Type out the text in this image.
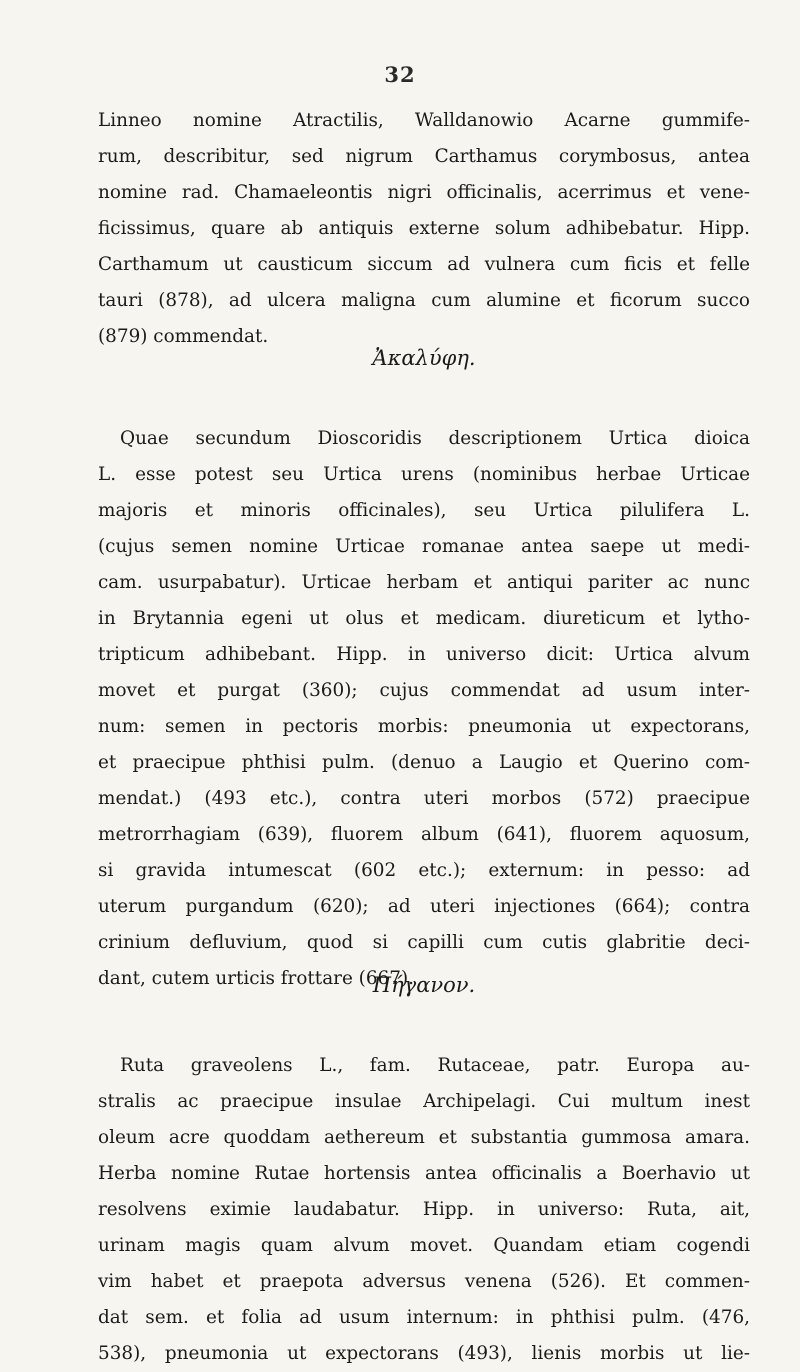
32
Linneo nomine Atractilis, Walldanowio Acarne gummife-
rum, describitur, sed nigrum Carthamus corymbosus, antea
nomine rad. Chamaeleontis nigri officinalis, acerrimus et vene-
ficissimus, quare ab antiquis externe solum adhibebatur. Hipp.
Carthamum ut causticum siccum ad vulnera cum ficis et felle
tauri (878), ad ulcera maligna cum alumine et ficorum succo
(879) commendat.
Ἀκαλύφη.
Quae secundum Dioscoridis descriptionem Urtica dioica
L. esse potest seu Urtica urens (nominibus herbae Urticae
majoris et minoris officinales), seu Urtica pilulifera L.
(cujus semen nomine Urticae romanae antea saepe ut medi-
cam. usurpabatur). Urticae herbam et antiqui pariter ac nunc
in Brytannia egeni ut olus et medicam. diureticum et lytho-
tripticum adhibebant. Hipp. in universo dicit: Urtica alvum
movet et purgat (360); cujus commendat ad usum inter-
num: semen in pectoris morbis: pneumonia ut expectorans,
et praecipue phthisi pulm. (denuo a Laugio et Querino com-
mendat.) (493 etc.), contra uteri morbos (572) praecipue
metrorrhagiam (639), fluorem album (641), fluorem aquosum,
si gravida intumescat (602 etc.); externum: in pesso: ad
uterum purgandum (620); ad uteri injectiones (664); contra
crinium defluvium, quod si capilli cum cutis glabritie deci-
dant, cutem urticis frottare (667).
Πήγανον.
Ruta graveolens L., fam. Rutaceae, patr. Europa au-
stralis ac praecipue insulae Archipelagi. Cui multum inest
oleum acre quoddam aethereum et substantia gummosa amara.
Herba nomine Rutae hortensis antea officinalis a Boerhavio ut
resolvens eximie laudabatur. Hipp. in universo: Ruta, ait,
urinam magis quam alvum movet. Quandam etiam cogendi
vim habet et praepota adversus venena (526). Et commen-
dat sem. et folia ad usum internum: in phthisi pulm. (476,
538), pneumonia ut expectorans (493), lienis morbis ut lie-
